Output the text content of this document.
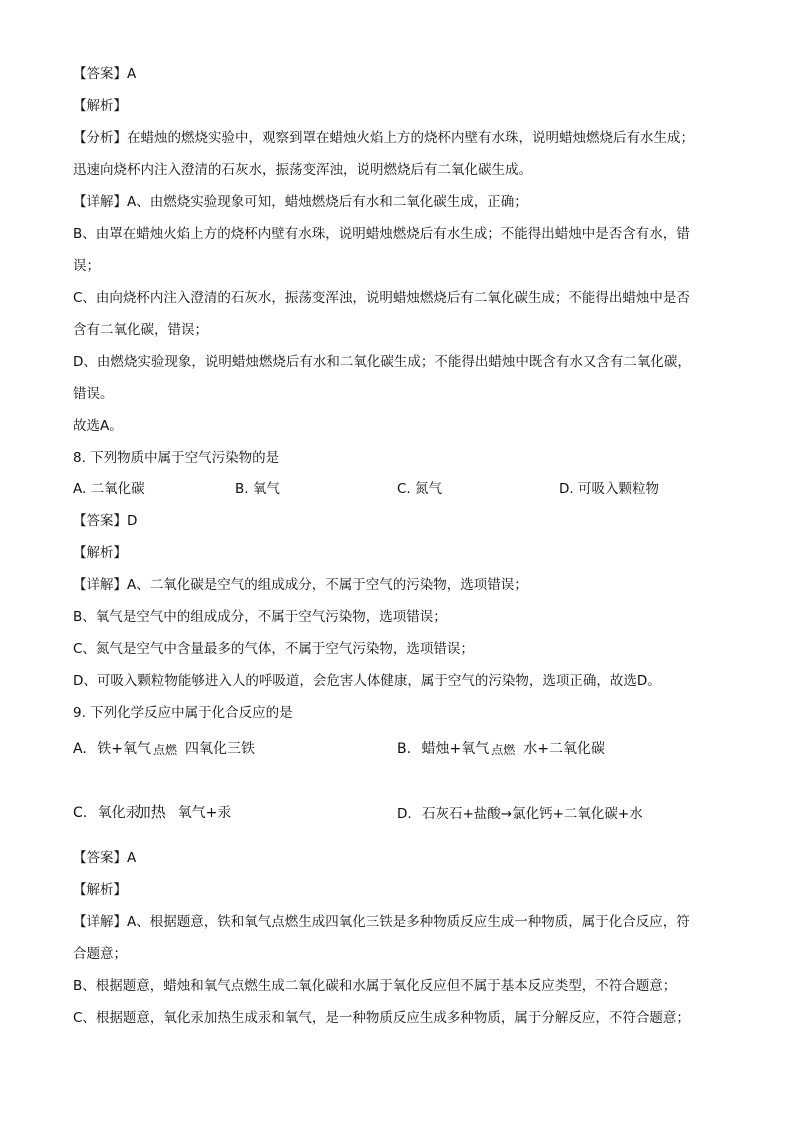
【答案】A
【解析】
【分析】在蜡烛的燃烧实验中，观察到罩在蜡烛火焰上方的烧杯内壁有水珠，说明蜡烛燃烧后有水生成；
迅速向烧杯内注入澄清的石灰水，振荡变浑浊，说明燃烧后有二氧化碳生成。
【详解】A、由燃烧实验现象可知，蜡烛燃烧后有水和二氧化碳生成，正确；
B、由罩在蜡烛火焰上方的烧杯内壁有水珠，说明蜡烛燃烧后有水生成；不能得出蜡烛中是否含有水，错
误；
C、由向烧杯内注入澄清的石灰水，振荡变浑浊，说明蜡烛燃烧后有二氧化碳生成；不能得出蜡烛中是否
含有二氧化碳，错误；
D、由燃烧实验现象，说明蜡烛燃烧后有水和二氧化碳生成；不能得出蜡烛中既含有水又含有二氧化碳，
错误。
故选A。
8. 下列物质中属于空气污染物的是
A. 二氧化碳	B. 氧气	C. 氮气	D. 可吸入颗粒物
【答案】D
【解析】
【详解】A、二氧化碳是空气的组成成分，不属于空气的污染物，选项错误；
B、氧气是空气中的组成成分，不属于空气污染物，选项错误；
C、氮气是空气中含量最多的气体，不属于空气污染物，选项错误；
D、可吸入颗粒物能够进入人的呼吸道，会危害人体健康，属于空气的污染物，选项正确，故选D。
9. 下列化学反应中属于化合反应的是
A. 铁+氧气 点燃 四氧化三铁	B. 蜡烛+氧气 点燃 水+二氧化碳
C. 氧化汞
加热 氧气+汞	D. 石灰石+盐酸→氯化钙+二氧化碳+水
【答案】A
【解析】
【详解】A、根据题意，铁和氧气点燃生成四氧化三铁是多种物质反应生成一种物质，属于化合反应，符
合题意；
B、根据题意，蜡烛和氧气点燃生成二氧化碳和水属于氧化反应但不属于基本反应类型，不符合题意；
C、根据题意，氧化汞加热生成汞和氧气，是一种物质反应生成多种物质，属于分解反应，不符合题意；
